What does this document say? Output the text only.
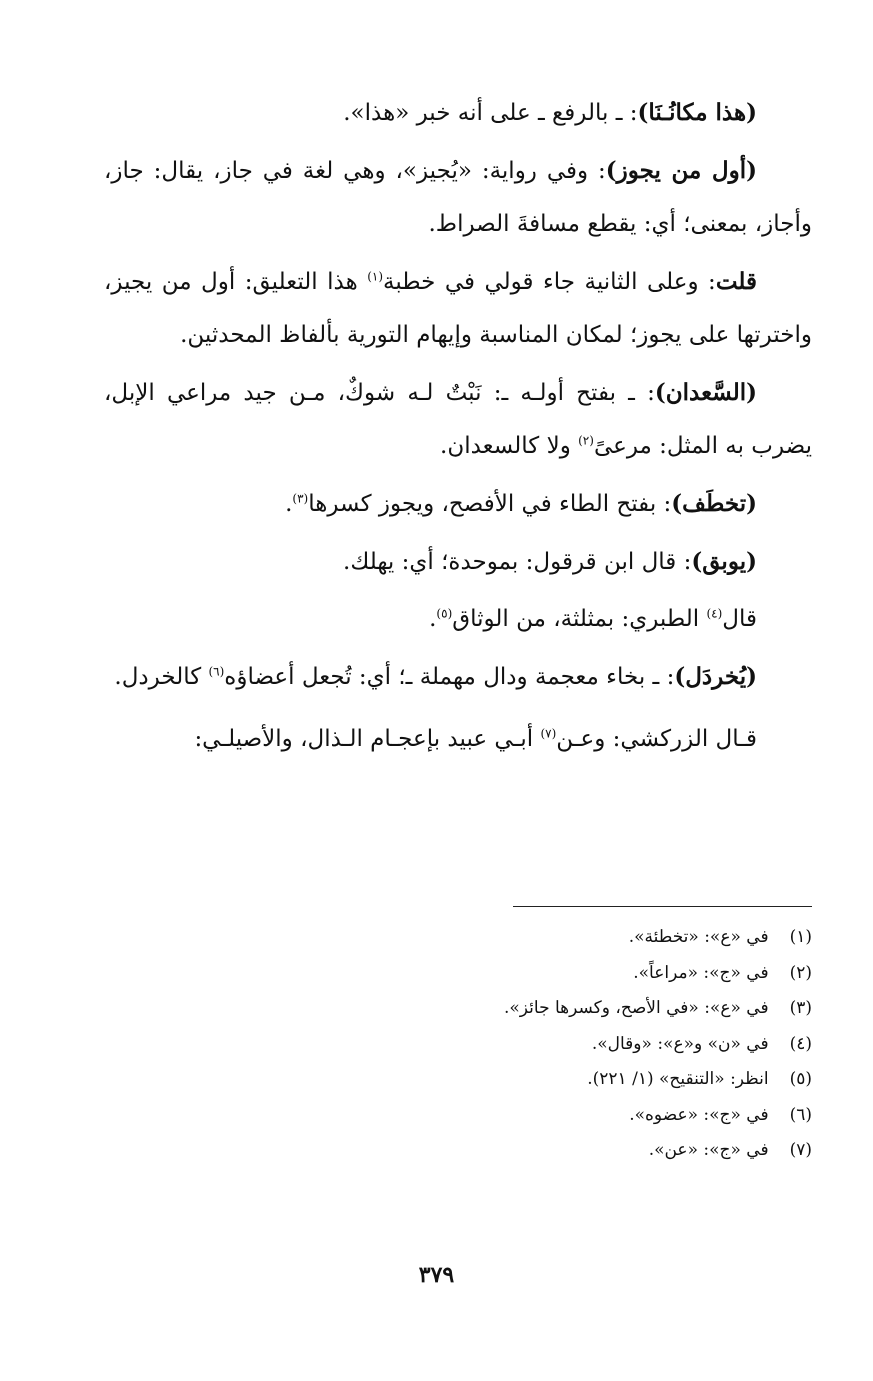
(هذا مكانُـنَا): ـ بالرفع ـ على أنه خبر «هذا».

(أول من يجوز): وفي رواية: «يُجيز»، وهي لغة في جاز، يقال: جاز، وأجاز، بمعنى؛ أي: يقطع مسافةَ الصراط.

قلت: وعلى الثانية جاء قولي في خطبة$^{(١)}$ هذا التعليق: أول من يجيز، واخترتها على يجوز؛ لمكان المناسبة وإيهام التورية بألفاظ المحدثين.

(السَّعدان): ـ بفتح أولـه ـ: نَبْتٌ لـه شوكٌ، مـن جيد مراعي الإبل، يضرب به المثل: مرعىً$^{(٢)}$ ولا كالسعدان.

(تخطَف): بفتح الطاء في الأفصح، ويجوز كسرها$^{(٣)}$.

(يوبق): قال ابن قرقول: بموحدة؛ أي: يهلك.

قال$^{(٤)}$ الطبري: بمثلثة، من الوثاق$^{(٥)}$.

(يُخردَل): ـ بخاء معجمة ودال مهملة ـ؛ أي: تُجعل أعضاؤه$^{(٦)}$ كالخردل.

قـال الزركشي: وعـن$^{(٧)}$ أبـي عبيد بإعجـام الـذال، والأصيلـي:

(١) في «ع»: «تخطئة».

(٢) في «ج»: «مراعاً».

(٣) في «ع»: «في الأصح، وكسرها جائز».

(٤) في «ن» و«ع»: «وقال».

(٥) انظر: «التنقيح» (١/ ٢٢١).

(٦) في «ج»: «عضوه».

(٧) في «ج»: «عن».

٣٧٩
